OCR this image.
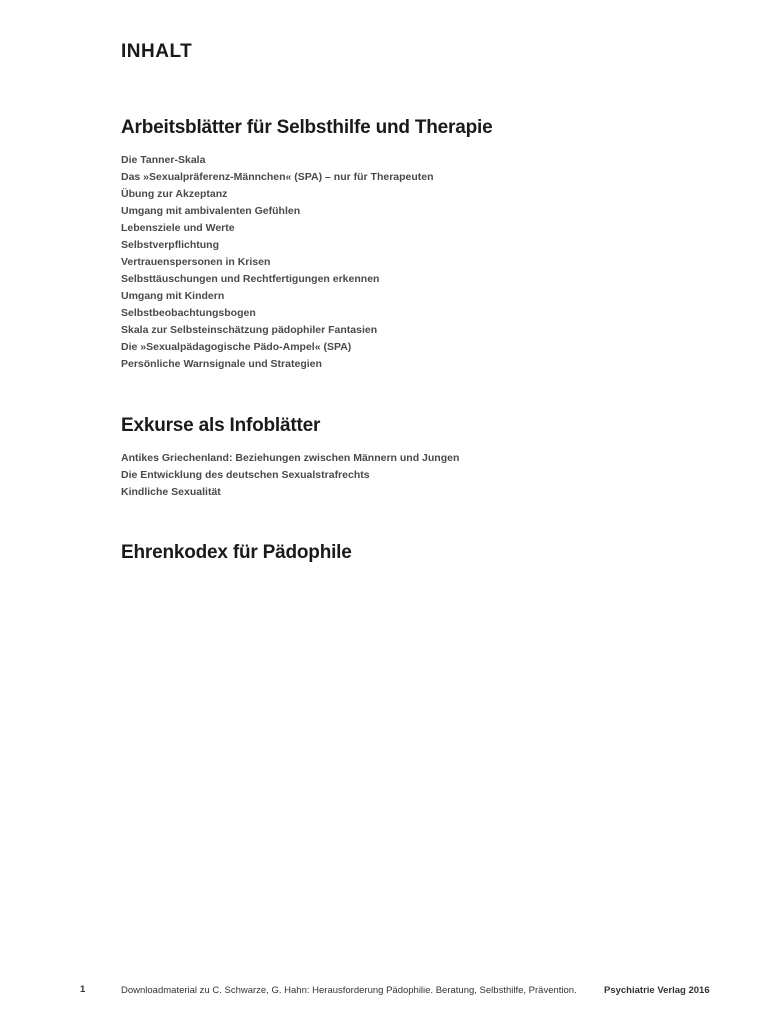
INHALT
Arbeitsblätter für Selbsthilfe und Therapie
Die Tanner-Skala
Das »Sexualpräferenz-Männchen« (SPA) – nur für Therapeuten
Übung zur Akzeptanz
Umgang mit ambivalenten Gefühlen
Lebensziele und Werte
Selbstverpflichtung
Vertrauenspersonen in Krisen
Selbsttäuschungen und Rechtfertigungen erkennen
Umgang mit Kindern
Selbstbeobachtungsbogen
Skala zur Selbsteinschätzung pädophiler Fantasien
Die »Sexualpädagogische Pädo-Ampel« (SPA)
Persönliche Warnsignale und Strategien
Exkurse als Infoblätter
Antikes Griechenland: Beziehungen zwischen Männern und Jungen
Die Entwicklung des deutschen Sexualstrafrechts
Kindliche Sexualität
Ehrenkodex für Pädophile
1	Downloadmaterial zu C. Schwarze, G. Hahn: Herausforderung Pädophilie. Beratung, Selbsthilfe, Prävention.	Psychiatrie Verlag 2016
